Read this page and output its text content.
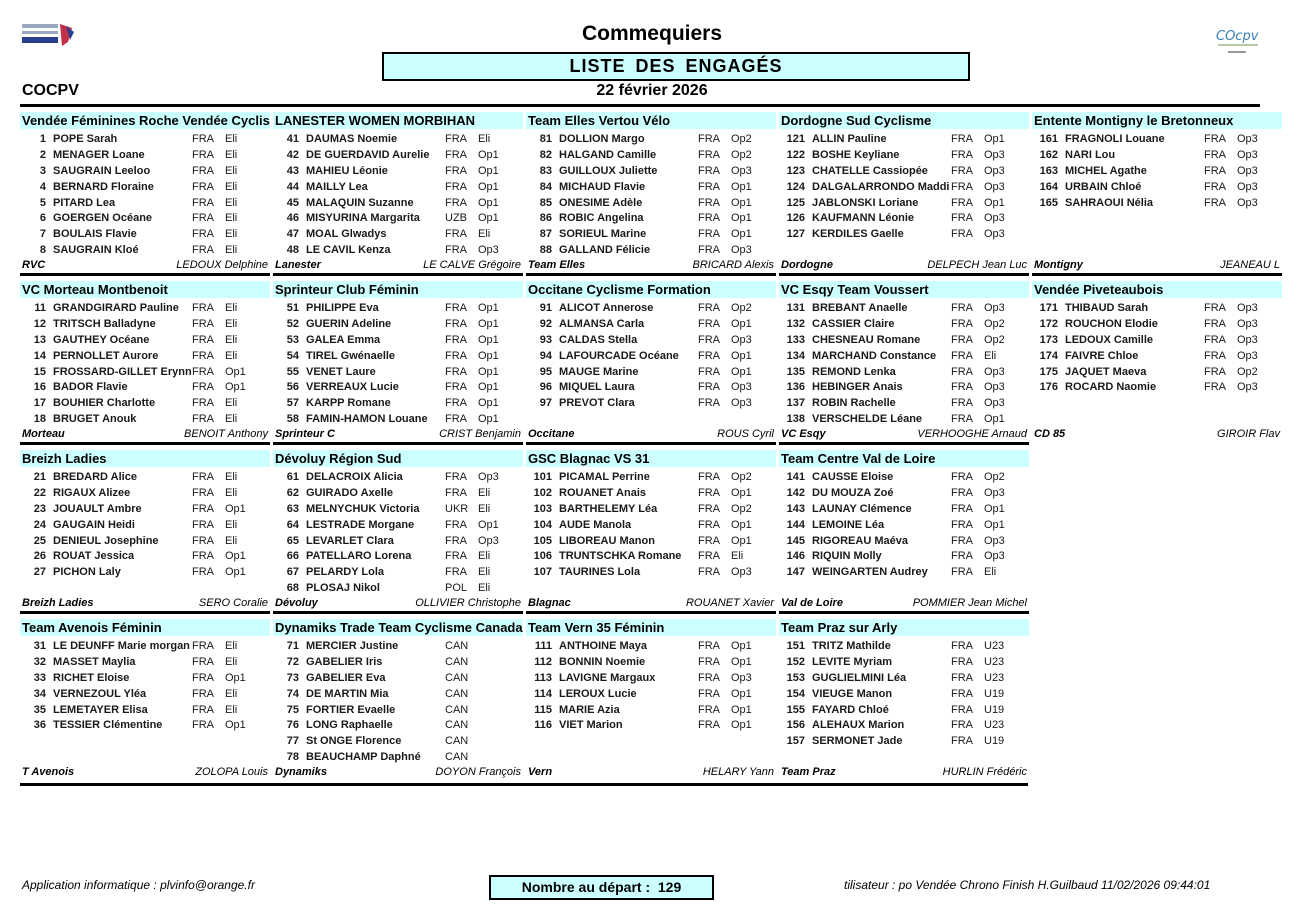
COcpv
Commequiers
LISTE DES ENGAGÉS
COCPV	22 février 2026
Vendée Féminines Roche Vendée Cyclis
1 POPE Sarah	FRA Eli
2 MENAGER Loane	FRA Eli
3 SAUGRAIN Leeloo	FRA Eli
4 BERNARD Floraine	FRA Eli
5 PITARD Lea	FRA Eli
6 GOERGEN Océane	FRA Eli
7 BOULAIS Flavie	FRA Eli
8 SAUGRAIN Kloé	FRA Eli
RVC	LEDOUX Delphine
VC Morteau Montbenoit
11 GRANDGIRARD Pauline FRA Eli
12 TRITSCH Balladyne	FRA Eli
13 GAUTHEY Océane	FRA Eli
14 PERNOLLET Aurore	FRA Eli
15 FROSSARD-GILLET Erynn FRA Op1
16 BADOR Flavie	FRA Op1
17 BOUHIER Charlotte	FRA Eli
18 BRUGET Anouk	FRA Eli
Morteau	BENOIT Anthony
Breizh Ladies
21 BREDARD Alice	FRA Eli
22 RIGAUX Alizee	FRA Eli
23 JOUAULT Ambre	FRA Op1
24 GAUGAIN Heidi	FRA Eli
25 DENIEUL Josephine	FRA Eli
26 ROUAT Jessica	FRA Op1
27 PICHON Laly	FRA Op1
Breizh Ladies	SERO Coralie
Team Avenois Féminin
31 LE DEUNFF Marie morgan FRA Eli
32 MASSET Maylia	FRA Eli
33 RICHET Eloise	FRA Op1
34 VERNEZOUL Yléa	FRA Eli
35 LEMETAYER Elisa	FRA Eli
36 TESSIER Clémentine	FRA Op1
T Avenois	ZOLOPA Louis
LANESTER WOMEN MORBIHAN
41 DAUMAS Noemie	FRA Eli
42 DE GUERDAVID Aurelie FRA Op1
43 MAHIEU Léonie	FRA Op1
44 MAILLY Lea	FRA Op1
45 MALAQUIN Suzanne	FRA Op1
46 MISYURINA Margarita UZB Op1
47 MOAL Glwadys	FRA Eli
48 LE CAVIL Kenza	FRA Op3
Lanester	LE CALVE Grégoire
Sprinteur Club Féminin
51 PHILIPPE Eva	FRA Op1
52 GUERIN Adeline	FRA Op1
53 GALEA Emma	FRA Op1
54 TIREL Gwénaelle	FRA Op1
55 VENET Laure	FRA Op1
56 VERREAUX Lucie	FRA Op1
57 KARPP Romane	FRA Op1
58 FAMIN-HAMON Louane FRA Op1
Sprinteur C	CRIST Benjamin
Dévoluy Région Sud
61 DELACROIX Alicia	FRA Op3
62 GUIRADO Axelle	FRA Eli
63 MELNYCHUK Victoria UKR Eli
64 LESTRADE Morgane	FRA Op1
65 LEVARLET Clara	FRA Op3
66 PATELLARO Lorena	FRA Eli
67 PELARDY Lola	FRA Eli
68 PLOSAJ Nikol	POL Eli
Dévoluy	OLLIVIER Christophe
Dynamiks Trade Team Cyclisme Canada
71 MERCIER Justine	CAN
72 GABELIER Iris	CAN
73 GABELIER Eva	CAN
74 DE MARTIN Mia	CAN
75 FORTIER Evaelle	CAN
76 LONG Raphaelle	CAN
77 St ONGE Florence	CAN
78 BEAUCHAMP Daphné CAN
Dynamiks	DOYON François
Team Elles Vertou Vélo
81 DOLLION Margo	FRA Op2
82 HALGAND Camille	FRA Op2
83 GUILLOUX Juliette	FRA Op3
84 MICHAUD Flavie	FRA Op1
85 ONESIME Adèle	FRA Op1
86 ROBIC Angelina	FRA Op1
87 SORIEUL Marine	FRA Op1
88 GALLAND Félicie	FRA Op3
Team Elles	BRICARD Alexis
Occitane Cyclisme Formation
91 ALICOT Annerose	FRA Op2
92 ALMANSA Carla	FRA Op1
93 CALDAS Stella	FRA Op3
94 LAFOURCADE Océane FRA Op1
95 MAUGE Marine	FRA Op1
96 MIQUEL Laura	FRA Op3
97 PREVOT Clara	FRA Op3
Occitane	ROUS Cyril
GSC Blagnac VS 31
101 PICAMAL Perrine	FRA Op2
102 ROUANET Anais	FRA Op1
103 BARTHELEMY Léa	FRA Op2
104 AUDE Manola	FRA Op1
105 LIBOREAU Manon	FRA Op1
106 TRUNTSCHKA Romane FRA Eli
107 TAURINES Lola	FRA Op3
Blagnac	ROUANET Xavier
Team Vern 35 Féminin
111 ANTHOINE Maya	FRA Op1
112 BONNIN Noemie	FRA Op1
113 LAVIGNE Margaux	FRA Op3
114 LEROUX Lucie	FRA Op1
115 MARIE Azia	FRA Op1
116 VIET Marion	FRA Op1
Vern	HELARY Yann
Dordogne Sud Cyclisme
121 ALLIN Pauline	FRA Op1
122 BOSHE Keyliane	FRA Op3
123 CHATELLE Cassiopée FRA Op3
124 DALGALARRONDO Maddi FRA Op3
125 JABLONSKI Loriane	FRA Op1
126 KAUFMANN Léonie	FRA Op3
127 KERDILES Gaelle	FRA Op3
Dordogne	DELPECH Jean Luc
VC Esqy Team Voussert
131 BREBANT Anaelle	FRA Op3
132 CASSIER Claire	FRA Op2
133 CHESNEAU Romane	FRA Op2
134 MARCHAND Constance FRA Eli
135 REMOND Lenka	FRA Op3
136 HEBINGER Anais	FRA Op3
137 ROBIN Rachelle	FRA Op3
138 VERSCHELDE Léane	FRA Op1
VC Esqy	VERHOOGHE Arnaud
Team Centre Val de Loire
141 CAUSSE Eloise	FRA Op2
142 DU MOUZA Zoé	FRA Op3
143 LAUNAY Clémence	FRA Op1
144 LEMOINE Léa	FRA Op1
145 RIGOREAU Maéva	FRA Op3
146 RIQUIN Molly	FRA Op3
147 WEINGARTEN Audrey FRA Eli
Val de Loire	POMMIER Jean Michel
Team Praz sur Arly
151 TRITZ Mathilde	FRA U23
152 LEVITE Myriam	FRA U23
153 GUGLIELMINI Léa	FRA U23
154 VIEUGE Manon	FRA U19
155 FAYARD Chloé	FRA U19
156 ALEHAUX Marion	FRA U23
157 SERMONET Jade	FRA U19
Team Praz	HURLIN Frédéric
Entente Montigny le Bretonneux
161 FRAGNOLI Louane	FRA Op3
162 NARI Lou	FRA Op3
163 MICHEL Agathe	FRA Op3
164 URBAIN Chloé	FRA Op3
165 SAHRAOUI Nélia	FRA Op3
Montigny	JEANEAU L
Vendée Piveteaubois
171 THIBAUD Sarah	FRA Op3
172 ROUCHON Elodie	FRA Op3
173 LEDOUX Camille	FRA Op3
174 FAIVRE Chloe	FRA Op3
175 JAQUET Maeva	FRA Op2
176 ROCARD Naomie	FRA Op3
CD 85	GIROIR Flav
Application informatique : plvinfo@orange.fr	Nombre au départ : 129	tilisateur : po Vendée Chrono Finish H.Guilbaud 11/02/2026 09:44:01
